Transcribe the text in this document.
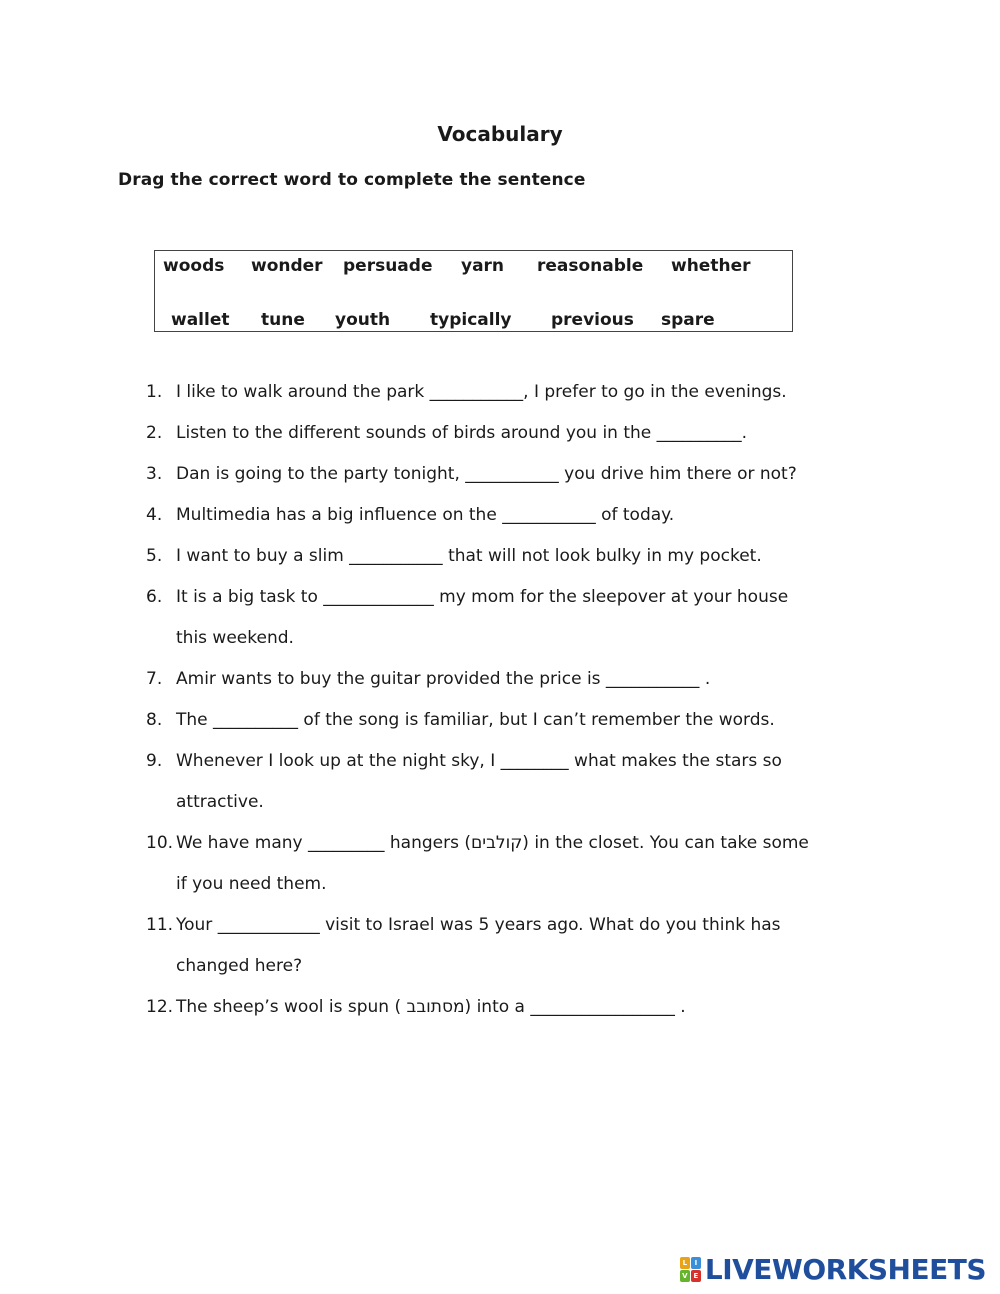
Vocabulary
Drag the correct word to complete the sentence
woods wonder persuade yarn reasonable whether
wallet tune youth typically previous spare
1. I like to walk around the park ___________, I prefer to go in the evenings.
2. Listen to the different sounds of birds around you in the __________.
3. Dan is going to the party tonight, ___________ you drive him there or not?
4. Multimedia has a big influence on the ___________ of today.
5. I want to buy a slim ___________ that will not look bulky in my pocket.
6. It is a big task to _____________ my mom for the sleepover at your house
this weekend.
7. Amir wants to buy the guitar provided the price is ___________ .
8. The __________ of the song is familiar, but I can’t remember the words.
9. Whenever I look up at the night sky, I ________ what makes the stars so
attractive.
10. We have many _________ hangers (קולבים) in the closet. You can take some
if you need them.
11. Your ____________ visit to Israel was 5 years ago. What do you think has
changed here?
12. The sheep’s wool is spun ( מסתובב) into a _________________ .
L	I
V E LIVEWORKSHEETS
